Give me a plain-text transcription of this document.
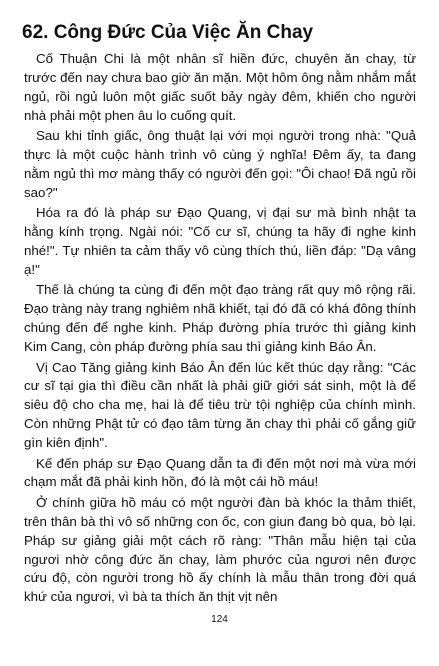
62. Công Đức Của Việc Ăn Chay

Cố Thuận Chi là một nhân sĩ hiền đức, chuyên ăn chay, từ trước đến nay chưa bao giờ ăn mặn. Một hôm ông nằm nhắm mắt ngủ, rồi ngủ luôn một giấc suốt bảy ngày đêm, khiến cho người nhà phải một phen âu lo cuống quít.

Sau khi tỉnh giấc, ông thuật lại với mọi người trong nhà: "Quả thực là một cuộc hành trình vô cùng ý nghĩa! Đêm ấy, ta đang nằm ngủ thì mơ màng thấy có người đến gọi: "Ôi chao! Đã ngủ rồi sao?"

Hóa ra đó là pháp sư Đạo Quang, vị đại sư mà bình nhật ta hằng kính trọng. Ngài nói: "Cố cư sĩ, chúng ta hãy đi nghe kinh nhé!". Tự nhiên ta cảm thấy vô cùng thích thú, liền đáp: "Dạ vâng ạ!"

Thế là chúng ta cùng đi đến một đạo tràng rất quy mô rộng rãi. Đạo tràng này trang nghiêm nhã khiết, tại đó đã có khá đông thính chúng đến để nghe kinh. Pháp đường phía trước thì giảng kinh Kim Cang, còn pháp đường phía sau thì giảng kinh Báo Ân.

Vị Cao Tăng giảng kinh Báo Ân đến lúc kết thúc dạy rằng: "Các cư sĩ tại gia thì điều cần nhất là phải giữ giới sát sinh, một là để siêu độ cho cha mẹ, hai là để tiêu trừ tội nghiệp của chính mình. Còn những Phật tử có đạo tâm từng ăn chay thì phải cố gắng giữ gìn kiên định".

Kế đến pháp sư Đạo Quang dẫn ta đi đến một nơi mà vừa mới chạm mắt đã phải kinh hồn, đó là một cái hồ máu!

Ở chính giữa hồ máu có một người đàn bà khóc la thảm thiết, trên thân bà thì vô số những con ốc, con giun đang bò qua, bò lại. Pháp sư giảng giải một cách rõ ràng: "Thân mẫu hiện tại của ngươi nhờ công đức ăn chay, làm phước của ngươi nên được cứu độ, còn người trong hồ ấy chính là mẫu thân trong đời quá khứ của ngươi, vì bà ta thích ăn thịt vịt nên

124
